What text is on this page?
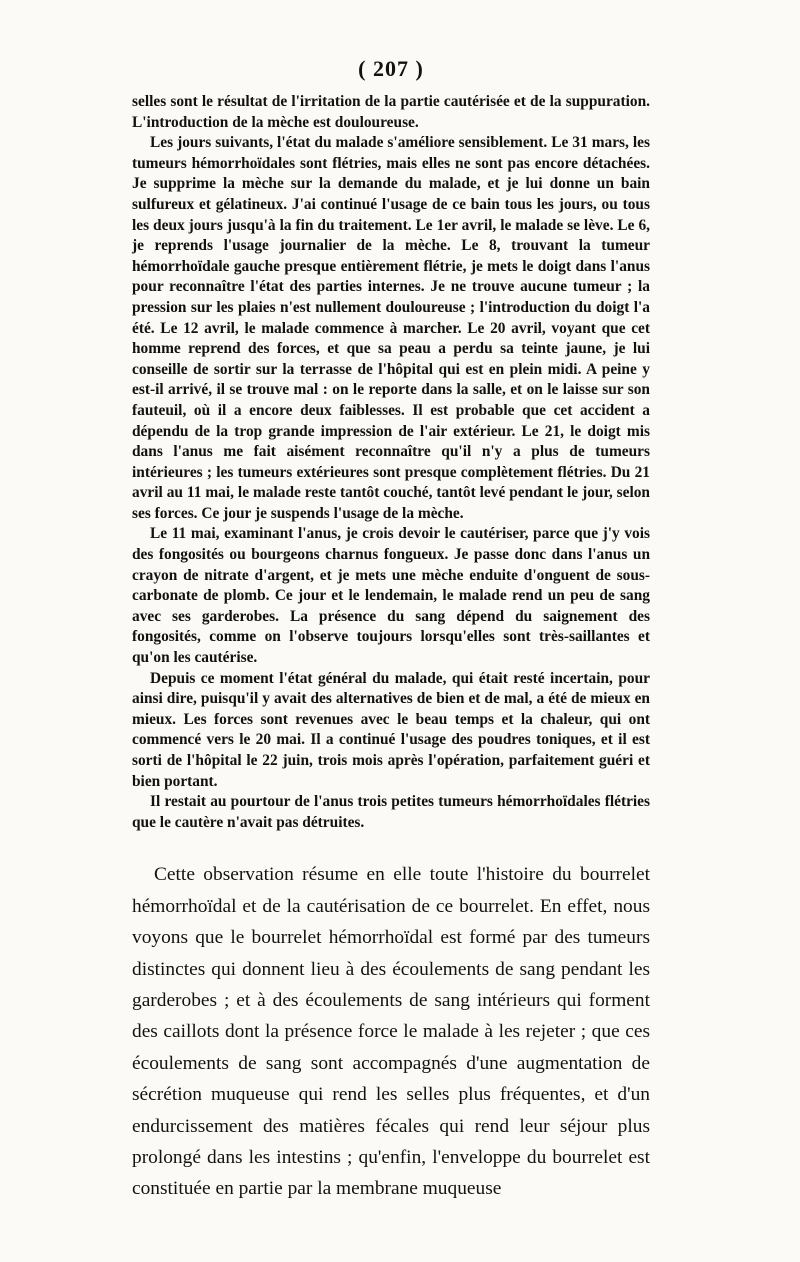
( 207 )

selles sont le résultat de l'irritation de la partie cautérisée et de la suppuration. L'introduction de la mèche est douloureuse.

Les jours suivants, l'état du malade s'améliore sensiblement. Le 31 mars, les tumeurs hémorrhoïdales sont flétries, mais elles ne sont pas encore détachées. Je supprime la mèche sur la demande du malade, et je lui donne un bain sulfureux et gélatineux. J'ai continué l'usage de ce bain tous les jours, ou tous les deux jours jusqu'à la fin du traitement. Le 1er avril, le malade se lève. Le 6, je reprends l'usage journalier de la mèche. Le 8, trouvant la tumeur hémorrhoïdale gauche presque entièrement flétrie, je mets le doigt dans l'anus pour reconnaître l'état des parties internes. Je ne trouve aucune tumeur ; la pression sur les plaies n'est nullement douloureuse ; l'introduction du doigt l'a été. Le 12 avril, le malade commence à marcher. Le 20 avril, voyant que cet homme reprend des forces, et que sa peau a perdu sa teinte jaune, je lui conseille de sortir sur la terrasse de l'hôpital qui est en plein midi. A peine y est-il arrivé, il se trouve mal : on le reporte dans la salle, et on le laisse sur son fauteuil, où il a encore deux faiblesses. Il est probable que cet accident a dépendu de la trop grande impression de l'air extérieur. Le 21, le doigt mis dans l'anus me fait aisément reconnaître qu'il n'y a plus de tumeurs intérieures ; les tumeurs extérieures sont presque complètement flétries. Du 21 avril au 11 mai, le malade reste tantôt couché, tantôt levé pendant le jour, selon ses forces. Ce jour je suspends l'usage de la mèche.

Le 11 mai, examinant l'anus, je crois devoir le cautériser, parce que j'y vois des fongosités ou bourgeons charnus fongueux. Je passe donc dans l'anus un crayon de nitrate d'argent, et je mets une mèche enduite d'onguent de sous-carbonate de plomb. Ce jour et le lendemain, le malade rend un peu de sang avec ses garderobes. La présence du sang dépend du saignement des fongosités, comme on l'observe toujours lorsqu'elles sont très-saillantes et qu'on les cautérise.

Depuis ce moment l'état général du malade, qui était resté incertain, pour ainsi dire, puisqu'il y avait des alternatives de bien et de mal, a été de mieux en mieux. Les forces sont revenues avec le beau temps et la chaleur, qui ont commencé vers le 20 mai. Il a continué l'usage des poudres toniques, et il est sorti de l'hôpital le 22 juin, trois mois après l'opération, parfaitement guéri et bien portant.

Il restait au pourtour de l'anus trois petites tumeurs hémorrhoïdales flétries que le cautère n'avait pas détruites.

Cette observation résume en elle toute l'histoire du bourrelet hémorrhoïdal et de la cautérisation de ce bourrelet. En effet, nous voyons que le bourrelet hémorrhoïdal est formé par des tumeurs distinctes qui donnent lieu à des écoulements de sang pendant les garderobes ; et à des écoulements de sang intérieurs qui forment des caillots dont la présence force le malade à les rejeter ; que ces écoulements de sang sont accompagnés d'une augmentation de sécrétion muqueuse qui rend les selles plus fréquentes, et d'un endurcissement des matières fécales qui rend leur séjour plus prolongé dans les intestins ; qu'enfin, l'enveloppe du bourrelet est constituée en partie par la membrane muqueuse
